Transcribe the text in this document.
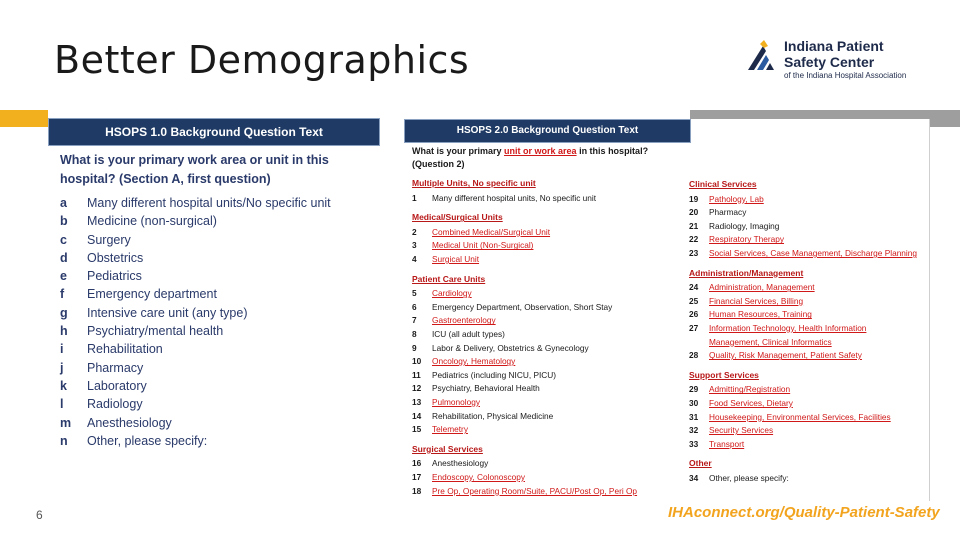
Better Demographics	Indiana Patient
Safety Center
of the Indiana Hospital Association
HSOPS 1.0 Background Question Text
What is your primary work area or unit in this hospital? (Section A, first question)
a Many different hospital units/No specific unit
b Medicine (non-surgical)
c Surgery
d Obstetrics
e Pediatrics
f Emergency department
g Intensive care unit (any type)
h Psychiatry/mental health
i Rehabilitation
j Pharmacy
k Laboratory
l Radiology
m Anesthesiology
n Other, please specify:
HSOPS 2.0 Background Question Text
What is your primary unit or work area in this hospital?
(Question 2)
Multiple Units, No specific unit
1 Many different hospital units, No specific unit
Medical/Surgical Units
2 Combined Medical/Surgical Unit
3 Medical Unit (Non-Surgical)
4 Surgical Unit
Patient Care Units
5 Cardiology
6 Emergency Department, Observation, Short Stay
7 Gastroenterology
8 ICU (all adult types)
9 Labor & Delivery, Obstetrics & Gynecology
10 Oncology, Hematology
11 Pediatrics (including NICU, PICU)
12 Psychiatry, Behavioral Health
13 Pulmonology
14 Rehabilitation, Physical Medicine
15 Telemetry
Surgical Services
16 Anesthesiology
17 Endoscopy, Colonoscopy
18 Pre Op, Operating Room/Suite, PACU/Post Op, Peri Op
Clinical Services
19 Pathology, Lab
20 Pharmacy
21 Radiology, Imaging
22 Respiratory Therapy
23 Social Services, Case Management, Discharge Planning
Administration/Management
24 Administration, Management
25 Financial Services, Billing
26 Human Resources, Training
27 Information Technology, Health Information
Management, Clinical Informatics
28 Quality, Risk Management, Patient Safety
Support Services
29 Admitting/Registration
30 Food Services, Dietary
31 Housekeeping, Environmental Services, Facilities
32 Security Services
33 Transport
Other
34 Other, please specify:
6	IHAconnect.org/Quality-Patient-Safety
